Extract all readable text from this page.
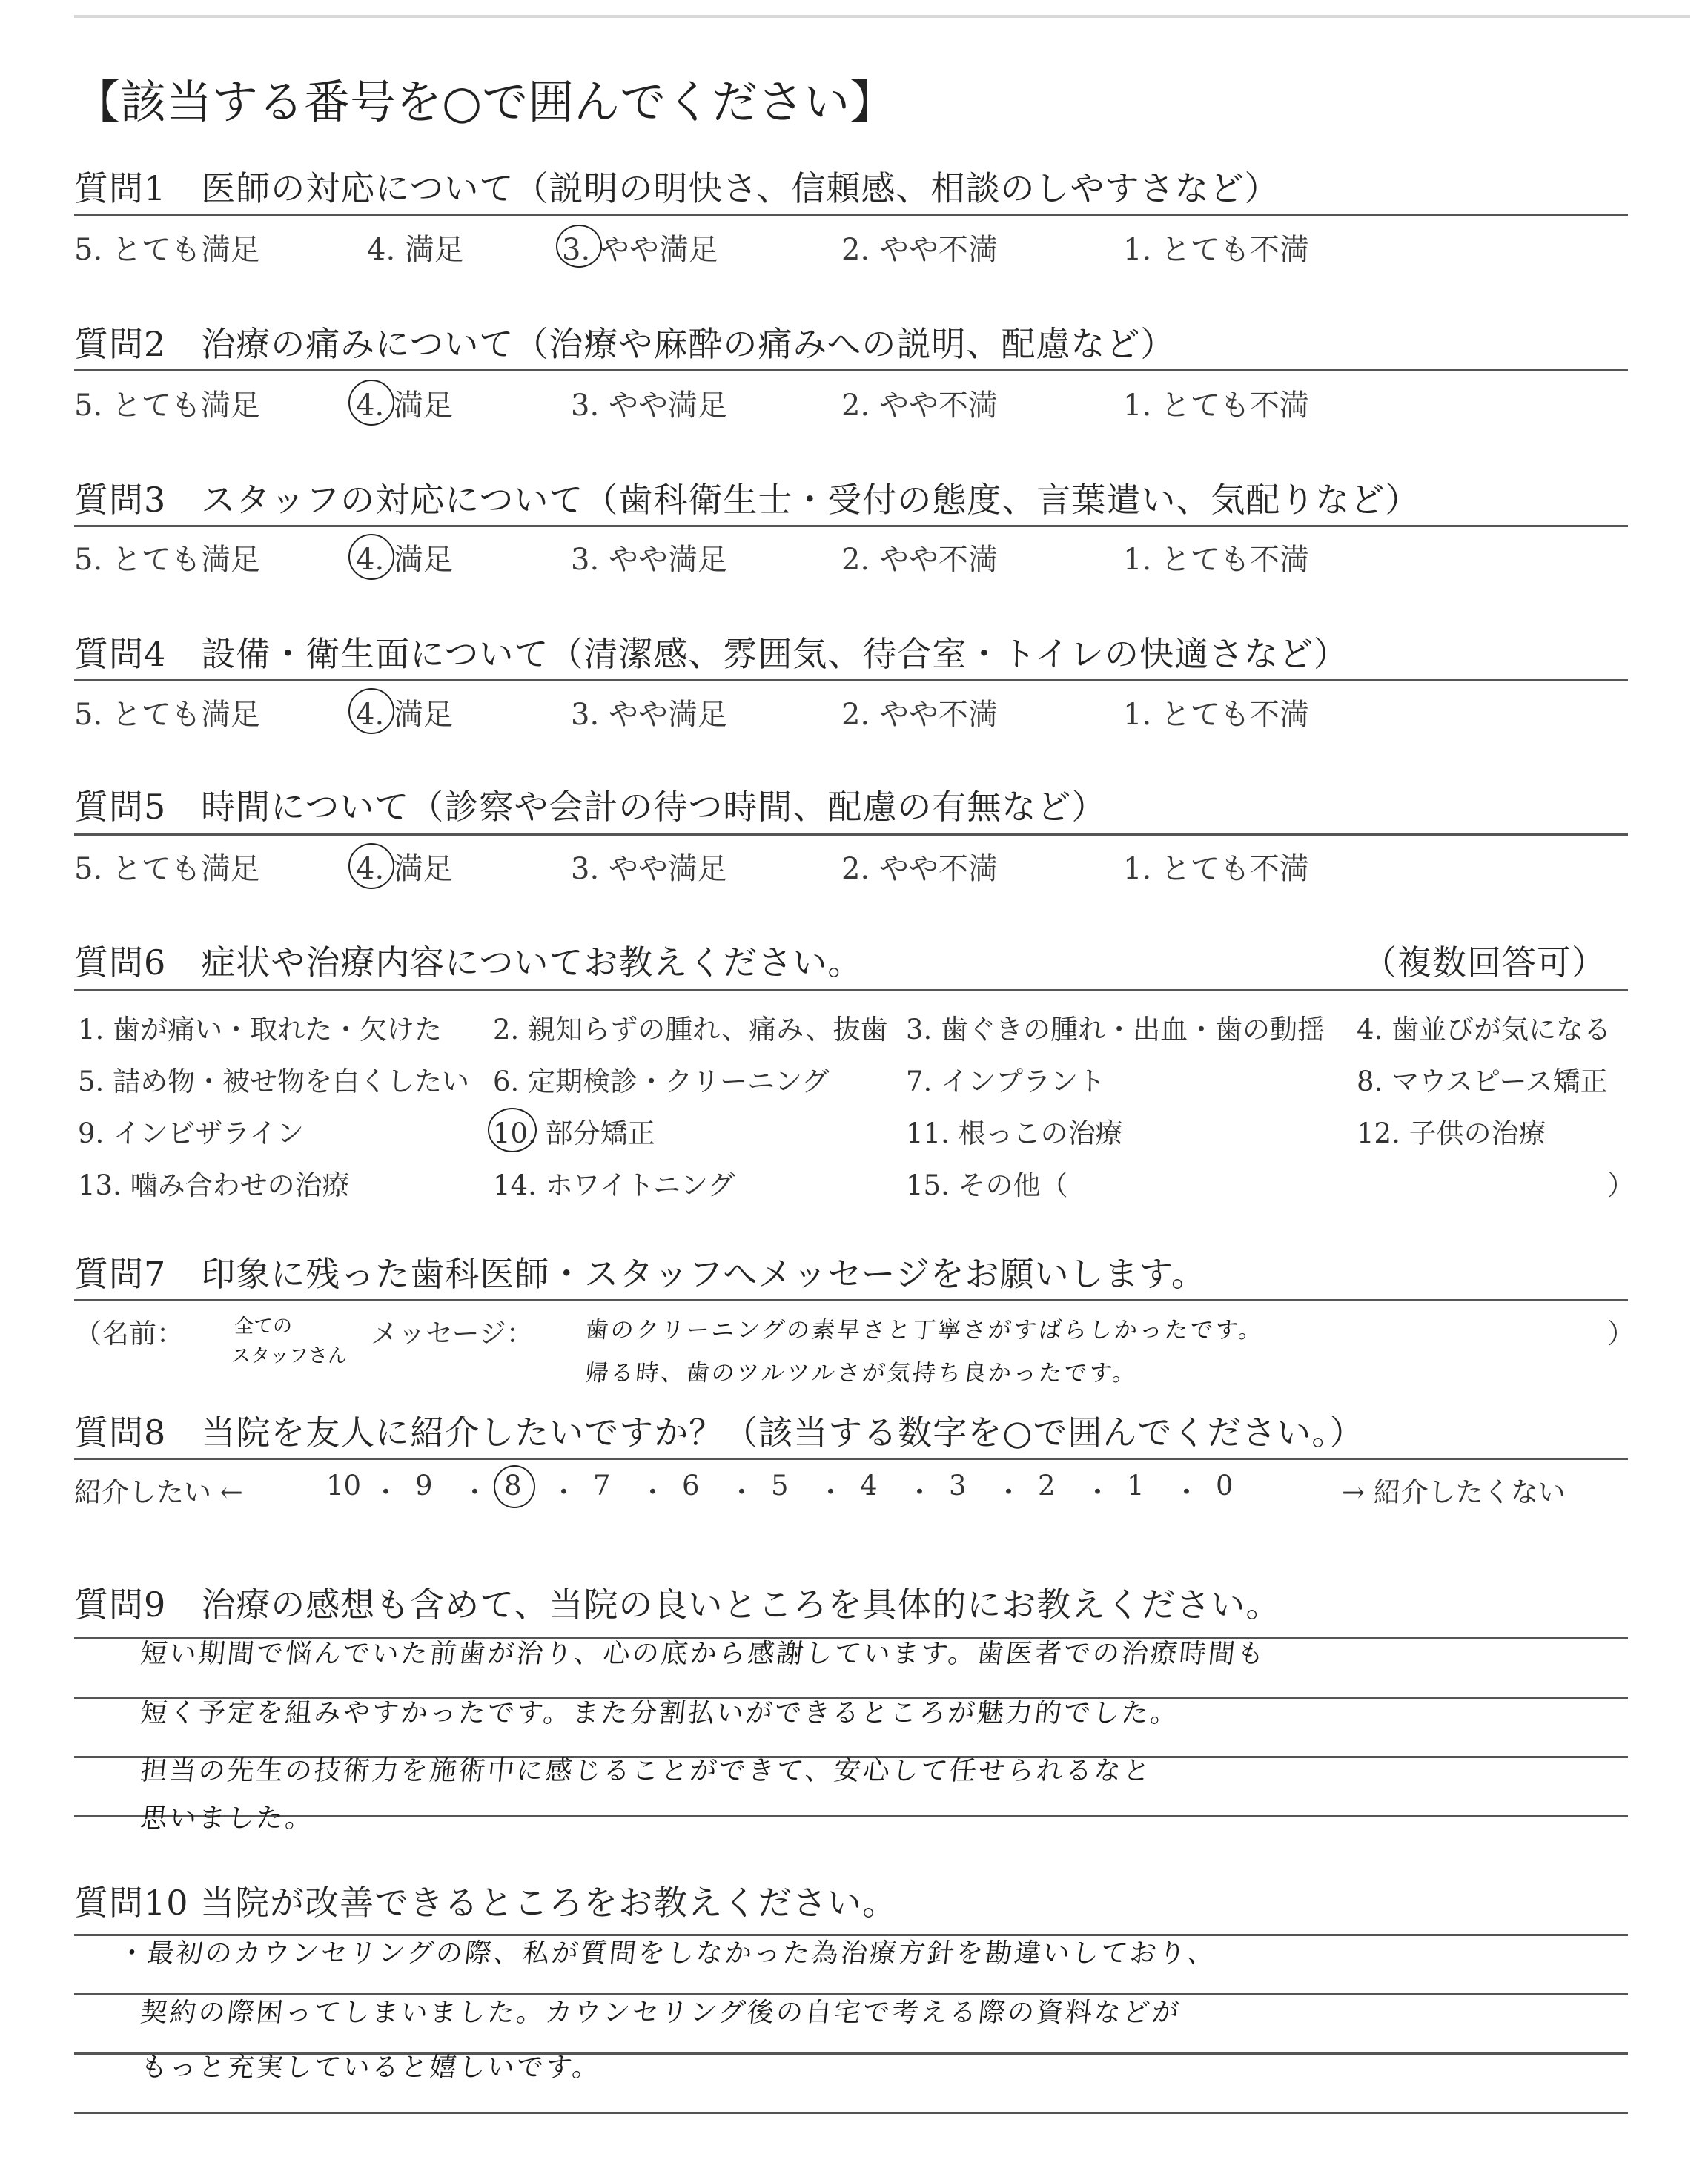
【該当する番号を○で囲んでください】
質問1　医師の対応について（説明の明快さ、信頼感、相談のしやすさなど）
5. とても満足	4. 満足	3. やや満足	2. やや不満	1. とても不満
質問2　治療の痛みについて（治療や麻酔の痛みへの説明、配慮など）
5. とても満足	4. 満足	3. やや満足	2. やや不満	1. とても不満
質問3　スタッフの対応について（歯科衛生士・受付の態度、言葉遣い、気配りなど）
5. とても満足	4. 満足	3. やや満足	2. やや不満	1. とても不満
質問4　設備・衛生面について（清潔感、雰囲気、待合室・トイレの快適さなど）
5. とても満足	4. 満足	3. やや満足	2. やや不満	1. とても不満
質問5　時間について（診察や会計の待つ時間、配慮の有無など）
5. とても満足	4. 満足	3. やや満足	2. やや不満	1. とても不満
質問6　症状や治療内容についてお教えください。	（複数回答可）
1. 歯が痛い・取れた・欠けた 2. 親知らずの腫れ、痛み、抜歯 3. 歯ぐきの腫れ・出血・歯の動揺 4. 歯並びが気になる
5. 詰め物・被せ物を白くしたい 6. 定期検診・クリーニング	7. インプラント	8. マウスピース矯正
9. インビザライン	10. 部分矯正	11. 根っこの治療	12. 子供の治療
13. 噛み合わせの治療	14. ホワイトニング	15. その他（	）
質問7　印象に残った歯科医師・スタッフへメッセージをお願いします。
（名前：	全ての
スタッフさん
メッセージ： 歯のクリーニングの素早さと丁寧さがすばらしかったです。
帰る時、歯のツルツルさが気持ち良かったです。
）
質問8　当院を友人に紹介したいですか？（該当する数字を○で囲んでください。）
紹介したい ←	→ 紹介したくない
10 ・ 9 ・ 8 ・ 7 ・ 6 ・ 5 ・ 4 ・ 3 ・ 2 ・ 1 ・ 0
質問9　治療の感想も含めて、当院の良いところを具体的にお教えください。
短い期間で悩んでいた前歯が治り、心の底から感謝しています。歯医者での治療時間も
短く予定を組みやすかったです。また分割払いができるところが魅力的でした。
担当の先生の技術力を施術中に感じることができて、安心して任せられるなと
思いました。
質問10 当院が改善できるところをお教えください。
・最初のカウンセリングの際、私が質問をしなかった為治療方針を勘違いしており、
契約の際困ってしまいました。カウンセリング後の自宅で考える際の資料などが
もっと充実していると嬉しいです。
